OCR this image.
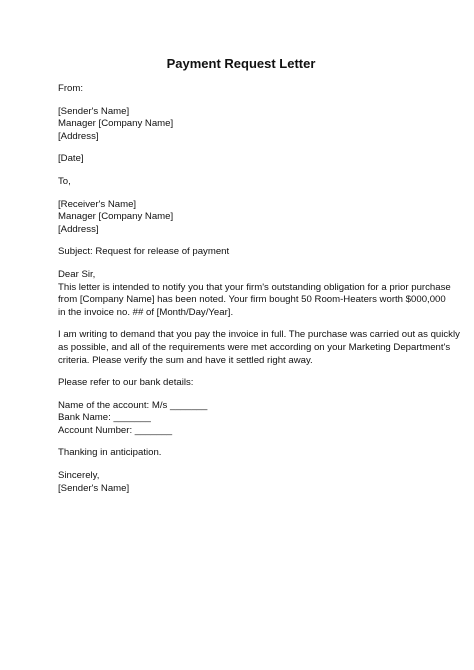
Payment Request Letter
From:
[Sender's Name]
Manager [Company Name]
[Address]
[Date]
To,
[Receiver's Name]
Manager [Company Name]
[Address]
Subject: Request for release of payment
Dear Sir,
This letter is intended to notify you that your firm's outstanding obligation for a prior purchase
from [Company Name] has been noted. Your firm bought 50 Room-Heaters worth $000,000
in the invoice no. ## of [Month/Day/Year].
I am writing to demand that you pay the invoice in full. The purchase was carried out as quickly
as possible, and all of the requirements were met according on your Marketing Department's
criteria. Please verify the sum and have it settled right away.
Please refer to our bank details:
Name of the account: M/s _______
Bank Name: _______
Account Number: _______
Thanking in anticipation.
Sincerely,
[Sender's Name]
